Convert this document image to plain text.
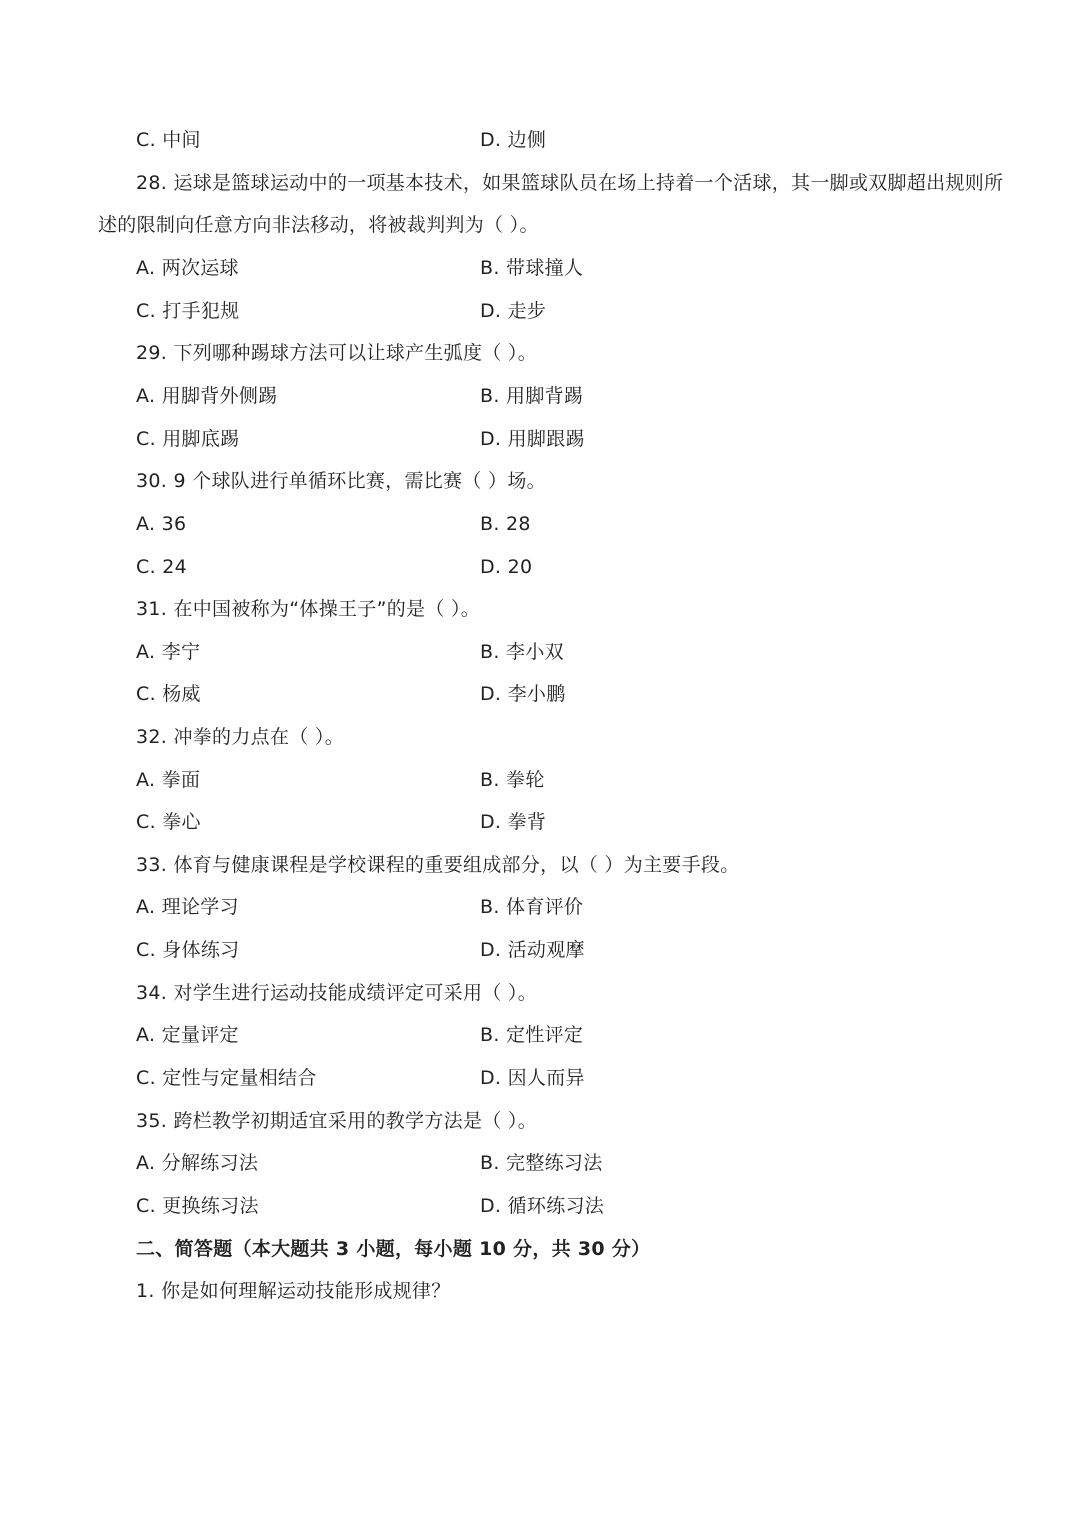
C. 中间	D. 边侧
28. 运球是篮球运动中的一项基本技术，如果篮球队员在场上持着一个活球，其一脚或双脚超出规则所
述的限制向任意方向非法移动，将被裁判判为（ ）。
A. 两次运球	B. 带球撞人
C. 打手犯规	D. 走步
29. 下列哪种踢球方法可以让球产生弧度（ ）。
A. 用脚背外侧踢	B. 用脚背踢
C. 用脚底踢	D. 用脚跟踢
30. 9 个球队进行单循环比赛，需比赛（ ）场。
A. 36	B. 28
C. 24	D. 20
31. 在中国被称为“体操王子”的是（ ）。
A. 李宁	B. 李小双
C. 杨威	D. 李小鹏
32. 冲拳的力点在（ ）。
A. 拳面	B. 拳轮
C. 拳心	D. 拳背
33. 体育与健康课程是学校课程的重要组成部分，以（ ）为主要手段。
A. 理论学习	B. 体育评价
C. 身体练习	D. 活动观摩
34. 对学生进行运动技能成绩评定可采用（ ）。
A. 定量评定	B. 定性评定
C. 定性与定量相结合	D. 因人而异
35. 跨栏教学初期适宜采用的教学方法是（ ）。
A. 分解练习法	B. 完整练习法
C. 更换练习法	D. 循环练习法
二、简答题（本大题共 3 小题，每小题 10 分，共 30 分）
1. 你是如何理解运动技能形成规律？
